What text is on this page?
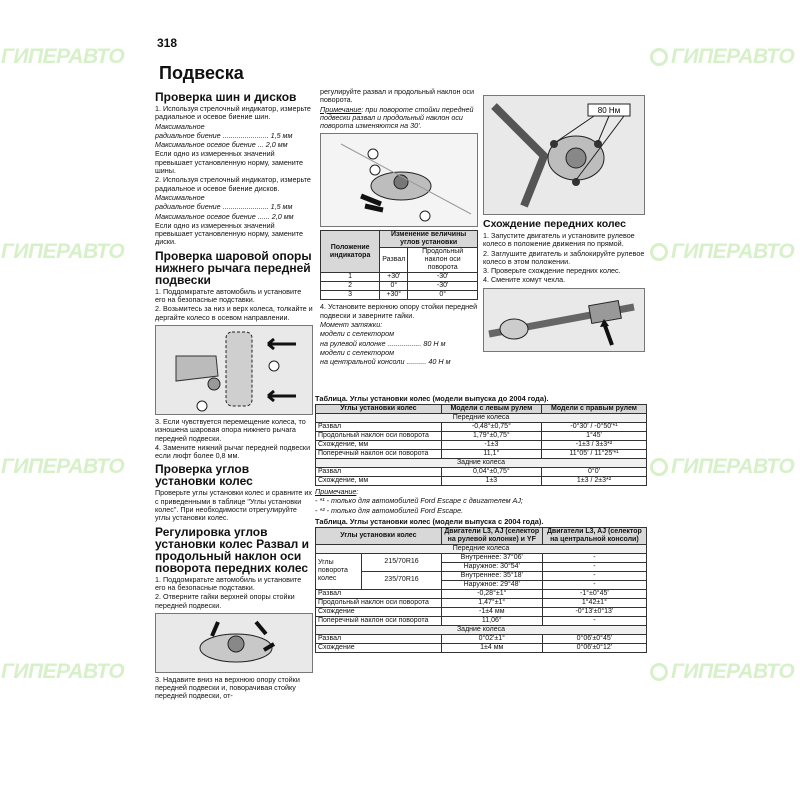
ГИПЕРАВТО
ГИПЕРАВТО
ГИПЕРАВТО
ГИПЕРАВТО
ГИПЕРАВТО
ГИПЕРАВТО
ГИПЕРАВТО
ГИПЕРАВТО
318
Подвеска
Проверка шин и дисков

1. Используя стрелочный индикатор, измерьте радиальное и осевое биение шин.

Максимальное

радиальное биение ....................... 1,5 мм

Максимальное осевое биение ... 2,0 мм

Если одно из измеренных значений превышает установленную норму, замените шины.

2. Используя стрелочный индикатор, измерьте радиальное и осевое биение дисков.

Максимальное

радиальное биение ....................... 1,5 мм

Максимальное осевое биение ...... 2,0 мм

Если одно из измеренных значений превышает установленную норму, замените диски.

Проверка шаровой опоры нижнего рычага передней подвески

1. Поддомкратьте автомобиль и установите его на безопасные подставки.

2. Возьмитесь за низ и верх колеса, толкайте и дергайте колесо в осевом направлении.

3. Если чувствуется перемещение колеса, то изношена шаровая опора нижнего рычага передней подвески.

4. Замените нижний рычаг передней подвески если люфт более 0,8 мм.

Проверка углов установки колес

Проверьте углы установки колес и сравните их с приведенными в таблице "Углы установки колес". При необходимости отрегулируйте углы установки колес.

Регулировка углов установки колес Развал и продольный наклон оси поворота передних колес

1. Поддомкратьте автомобиль и установите его на безопасные подставки.

2. Отверните гайки верхней опоры стойки передней подвески.

3. Надавите вниз на верхнюю опору стойки передней подвески и, поворачивая стойку передней подвески, от-

регулируйте развал и продольный наклон оси поворота.

Примечание: при повороте стойки передней подвески развал и продольный наклон оси поворота изменяются на 30'.

Положение индикатора	Изменение величины углов установки	
	Развал	Продольный наклон оси поворота
1	+30'	-30'
2	0°	-30'
3	+30°	0°

4. Установите верхнюю опору стойки передней подвески и заверните гайки.

Момент затяжки:

модели с селектором

на рулевой колонке ................. 80 Н м

модели с селектором

на центральной консоли .......... 40 Н м

80 Нм
Схождение передних колес

1. Запустите двигатель и установите рулевое колесо в положение движения по прямой.

2. Заглушите двигатель и заблокируйте рулевое колесо в этом положении.

3. Проверьте схождение передних колес.

4. Смените хомут чехла.

Таблица. Углы установки колес (модели выпуска до 2004 года).
Углы установки колес	Модели с левым рулем	Модели с правым рулем
Передние колеса		
Развал	-0,48°±0,75°	-0°30' / -0°50'*¹
Продольный наклон оси поворота	1,79°±0,75°	1°45'
Схождение, мм	-1±3	-1±3 / 3±3*²
Поперечный наклон оси поворота	11,1°	11°05' / 11°25'*¹
Задние колеса		
Развал	0,04°±0,75°	0°0'
Схождение, мм	1±3	1±3 / 2±3*²

Примечание:

- *¹ - только для автомобилей Ford Escape с двигателем AJ;

- *² - только для автомобилей Ford Escape.

Таблица. Углы установки колес (модели выпуска с 2004 года).
Углы установки колес		Двигатели L3, AJ (селектор на рулевой колонке) и YF	Двигатели L3, AJ (селектор на центральной консоли)
Передние колеса			
Углы поворота колес	215/70R16	Внутреннее: 37°06'	-
		Наружное: 30°54'	-
	235/70R16	Внутреннее: 35°18'	-
		Наружное: 29°48'	-
Развал		-0,28°±1°	-1°±0°45'
Продольный наклон оси поворота		1,47°±1°	1°42±1°
Схождение		-1±4 мм	-0°13'±0°13'
Поперечный наклон оси поворота		11,06°	-
Задние колеса			
Развал		0°02'±1°	0°06'±0°45'
Схождение		1±4 мм	0°06'±0°12'
